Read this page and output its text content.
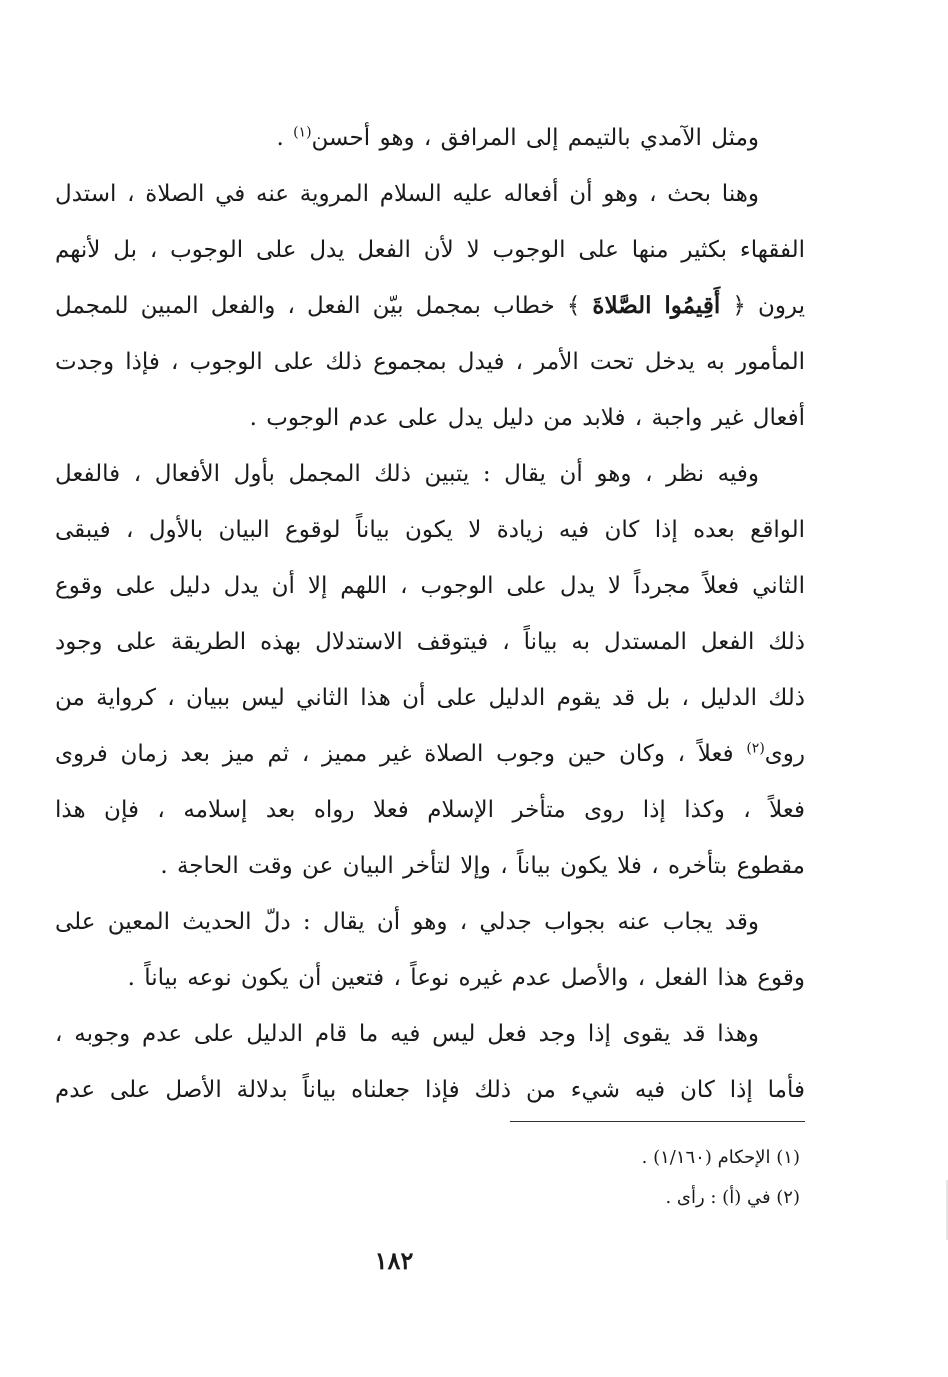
ومثل الآمدي بالتيمم إلى المرافق ، وهو أحسن$^{(١)}$ .
وهنا بحث ، وهو أن أفعاله عليه السلام المروية عنه في الصلاة ، استدل
الفقهاء بكثير منها على الوجوب لا لأن الفعل يدل على الوجوب ، بل لأنهم
يرون ﴿ أَقِيمُوا الصَّلاةَ ﴾ خطاب بمجمل بيّن الفعل ، والفعل المبين للمجمل
المأمور به يدخل تحت الأمر ، فيدل بمجموع ذلك على الوجوب ، فإذا وجدت
أفعال غير واجبة ، فلابد من دليل يدل على عدم الوجوب .
وفيه نظر ، وهو أن يقال : يتبين ذلك المجمل بأول الأفعال ، فالفعل
الواقع بعده إذا كان فيه زيادة لا يكون بياناً لوقوع البيان بالأول ، فيبقى
الثاني فعلاً مجرداً لا يدل على الوجوب ، اللهم إلا أن يدل دليل على وقوع
ذلك الفعل المستدل به بياناً ، فيتوقف الاستدلال بهذه الطريقة على وجود
ذلك الدليل ، بل قد يقوم الدليل على أن هذا الثاني ليس ببيان ، كرواية من
روى$^{(٢)}$ فعلاً ، وكان حين وجوب الصلاة غير مميز ، ثم ميز بعد زمان فروى
فعلاً ، وكذا إذا روى متأخر الإسلام فعلا رواه بعد إسلامه ، فإن هذا
مقطوع بتأخره ، فلا يكون بياناً ، وإلا لتأخر البيان عن وقت الحاجة .
وقد يجاب عنه بجواب جدلي ، وهو أن يقال : دلّ الحديث المعين على
وقوع هذا الفعل ، والأصل عدم غيره نوعاً ، فتعين أن يكون نوعه بياناً .
وهذا قد يقوى إذا وجد فعل ليس فيه ما قام الدليل على عدم وجوبه ،
فأما إذا كان فيه شيء من ذلك فإذا جعلناه بياناً بدلالة الأصل على عدم
(١) الإحكام (١/١٦٠) .
(٢) في (أ) : رأى .
١٨٢
